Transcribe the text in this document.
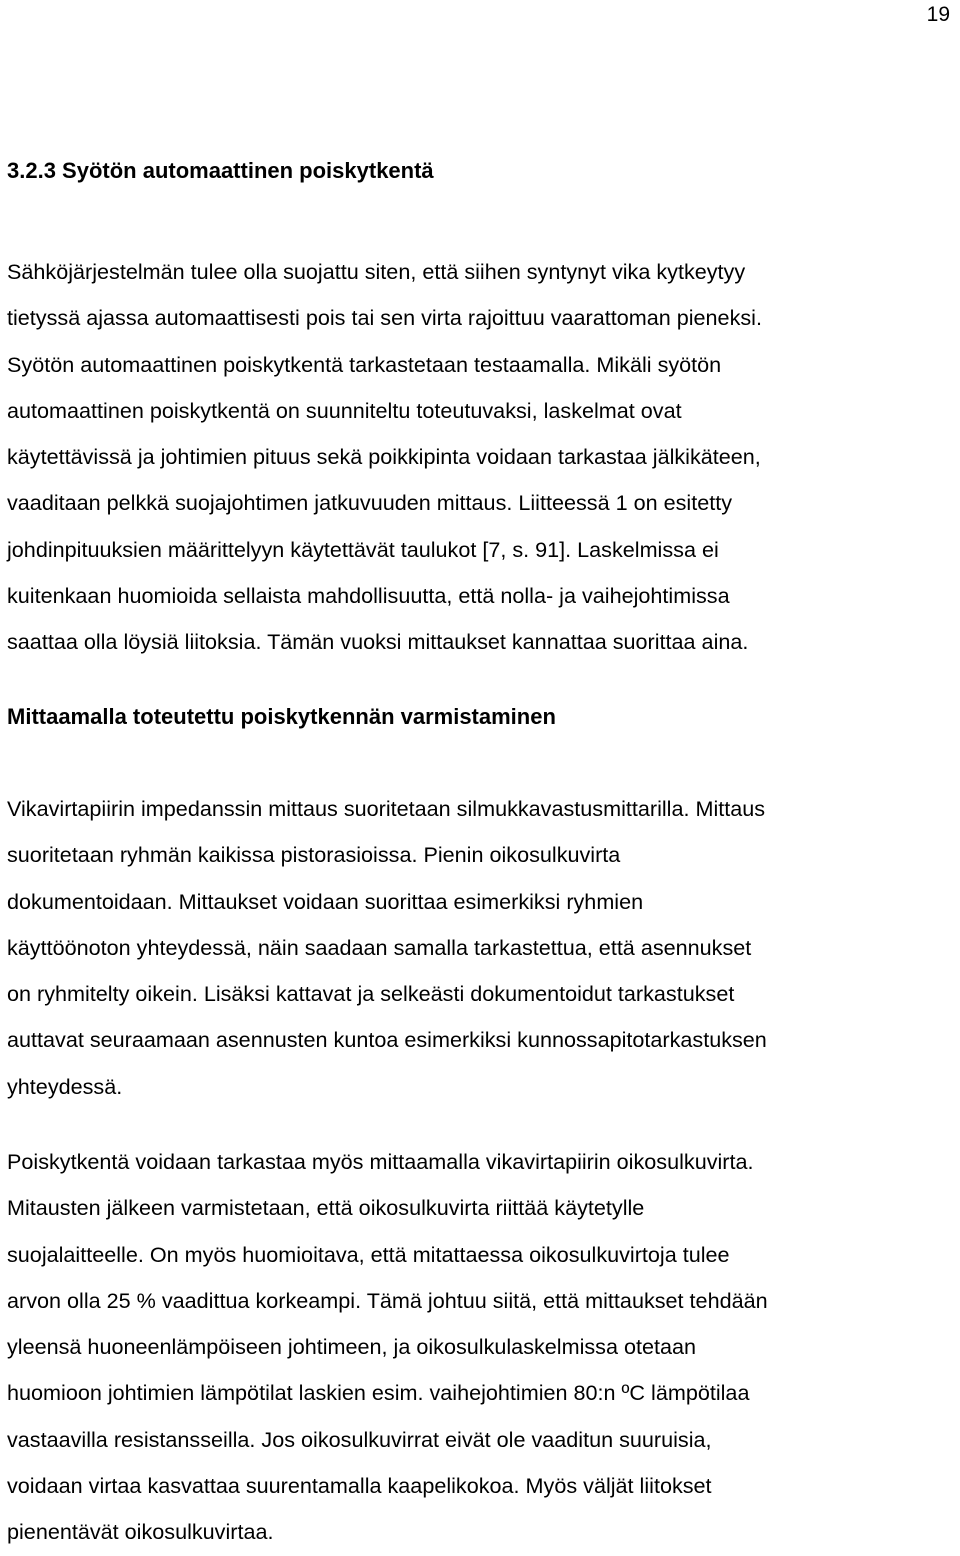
19
3.2.3 Syötön automaattinen poiskytkentä
Sähköjärjestelmän tulee olla suojattu siten, että siihen syntynyt vika kytkeytyy
tietyssä ajassa automaattisesti pois tai sen virta rajoittuu vaarattoman pieneksi.
Syötön automaattinen poiskytkentä tarkastetaan testaamalla. Mikäli syötön
automaattinen poiskytkentä on suunniteltu toteutuvaksi, laskelmat ovat
käytettävissä ja johtimien pituus sekä poikkipinta voidaan tarkastaa jälkikäteen,
vaaditaan pelkkä suojajohtimen jatkuvuuden mittaus. Liitteessä 1 on esitetty
johdinpituuksien määrittelyyn käytettävät taulukot [7, s. 91]. Laskelmissa ei
kuitenkaan huomioida sellaista mahdollisuutta, että nolla- ja vaihejohtimissa
saattaa olla löysiä liitoksia. Tämän vuoksi mittaukset kannattaa suorittaa aina.
Mittaamalla toteutettu poiskytkennän varmistaminen
Vikavirtapiirin impedanssin mittaus suoritetaan silmukkavastusmittarilla. Mittaus
suoritetaan ryhmän kaikissa pistorasioissa. Pienin oikosulkuvirta
dokumentoidaan. Mittaukset voidaan suorittaa esimerkiksi ryhmien
käyttöönoton yhteydessä, näin saadaan samalla tarkastettua, että asennukset
on ryhmitelty oikein. Lisäksi kattavat ja selkeästi dokumentoidut tarkastukset
auttavat seuraamaan asennusten kuntoa esimerkiksi kunnossapitotarkastuksen
yhteydessä.
Poiskytkentä voidaan tarkastaa myös mittaamalla vikavirtapiirin oikosulkuvirta.
Mitausten jälkeen varmistetaan, että oikosulkuvirta riittää käytetylle
suojalaitteelle. On myös huomioitava, että mitattaessa oikosulkuvirtoja tulee
arvon olla 25 % vaadittua korkeampi. Tämä johtuu siitä, että mittaukset tehdään
yleensä huoneenlämpöiseen johtimeen, ja oikosulkulaskelmissa otetaan
huomioon johtimien lämpötilat laskien esim. vaihejohtimien 80:n ºC lämpötilaa
vastaavilla resistansseilla. Jos oikosulkuvirrat eivät ole vaaditun suuruisia,
voidaan virtaa kasvattaa suurentamalla kaapelikokoa. Myös väljät liitokset
pienentävät oikosulkuvirtaa.
